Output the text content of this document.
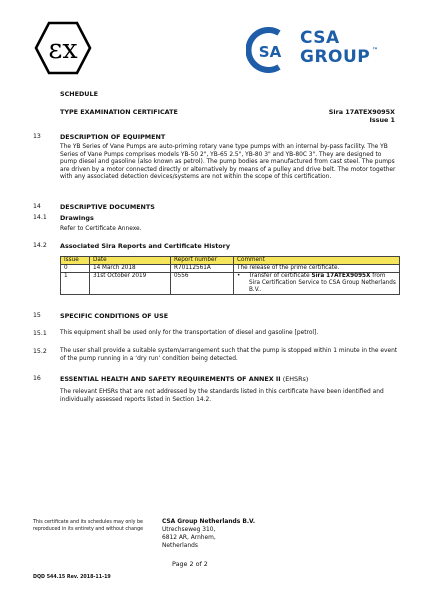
εx	SA
CSA
GROUP ™
SCHEDULE
TYPE EXAMINATION CERTIFICATE	Sira 17ATEX9095X
Issue 1
13	DESCRIPTION OF EQUIPMENT
The YB Series of Vane Pumps are auto-priming rotary vane type pumps with an internal by-pass facility. The YB Series of Vane Pumps comprises models YB-50 2", YB-65 2.5", YB-80 3" and YB-80C 3". They are designed to pump diesel and gasoline (also known as petrol). The pump bodies are manufactured from cast steel. The pumps are driven by a motor connected directly or alternatively by means of a pulley and drive belt. The motor together with any associated detection devices/systems are not within the scope of this certification.
14	DESCRIPTIVE DOCUMENTS
14.1 Drawings
Refer to Certificate Annexe.
14.2 Associated Sira Reports and Certificate History
Issue	Date	Report number	Comment
0	14 March 2018	R70112561A	The release of the prime certificate.
1	31st October 2019	0556	• Transfer of certificate Sira 17ATEX9095X from Sira Certification Service to CSA Group Netherlands B.V..
15	SPECIFIC CONDITIONS OF USE
15.1 This equipment shall be used only for the transportation of diesel and gasoline [petrol].
15.2 The user shall provide a suitable system/arrangement such that the pump is stopped within 1 minute in the event of the pump running in a ‘dry run’ condition being detected.
16	ESSENTIAL HEALTH AND SAFETY REQUIREMENTS OF ANNEX II (EHSRs)
The relevant EHSRs that are not addressed by the standards listed in this certificate have been identified and individually assessed reports listed in Section 14.2.
This certificate and its schedules may only be
reproduced in its entirety and without change
CSA Group Netherlands B.V.
Utrechseweg 310,
6812 AR, Arnhem,
Netherlands
Page 2 of 2
DQD 544.15 Rev. 2018-11-19
